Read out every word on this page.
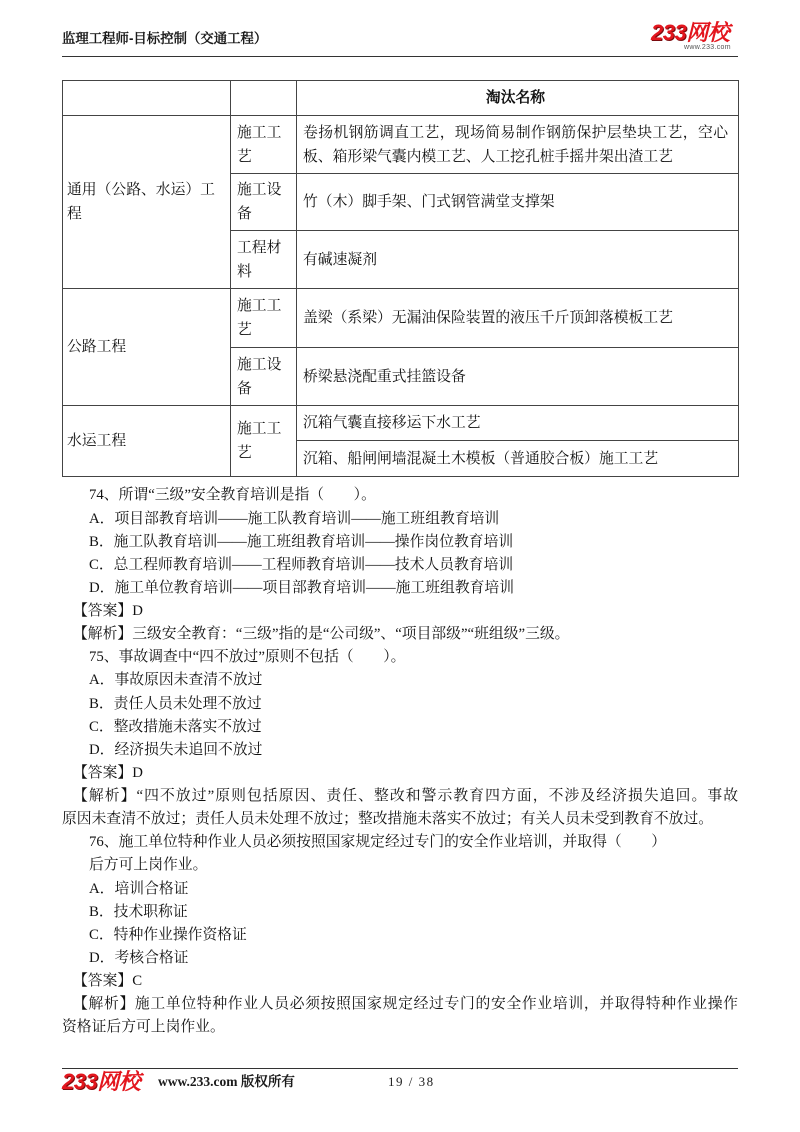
监理工程师-目标控制（交通工程）	233网校
www.233.com
		淘汰名称
通用（公路、水运）工程	施工工艺	卷扬机钢筋调直工艺，现场简易制作钢筋保护层垫块工艺，空心板、箱形梁气囊内模工艺、人工挖孔桩手摇井架出渣工艺
	施工设备	竹（木）脚手架、门式钢管满堂支撑架
	工程材料	有碱速凝剂
公路工程	施工工艺	盖梁（系梁）无漏油保险装置的液压千斤顶卸落模板工艺
	施工设备	桥梁悬浇配重式挂篮设备
水运工程	施工工艺	沉箱气囊直接移运下水工艺
		沉箱、船闸闸墙混凝土木模板（普通胶合板）施工工艺
74、所谓“三级”安全教育培训是指（　　）。
A．项目部教育培训——施工队教育培训——施工班组教育培训
B．施工队教育培训——施工班组教育培训——操作岗位教育培训
C．总工程师教育培训——工程师教育培训——技术人员教育培训
D．施工单位教育培训——项目部教育培训——施工班组教育培训
【答案】D
【解析】三级安全教育：“三级”指的是“公司级”、“项目部级”“班组级”三级。
75、事故调查中“四不放过”原则不包括（　　）。
A．事故原因未查清不放过
B．责任人员未处理不放过
C．整改措施未落实不放过
D．经济损失未追回不放过
【答案】D
【解析】“四不放过”原则包括原因、责任、整改和警示教育四方面，不涉及经济损失追回。事故
原因未查清不放过；责任人员未处理不放过；整改措施未落实不放过；有关人员未受到教育不放过。
76、施工单位特种作业人员必须按照国家规定经过专门的安全作业培训，并取得（　　）
后方可上岗作业。
A．培训合格证
B．技术职称证
C．特种作业操作资格证
D．考核合格证
【答案】C
【解析】施工单位特种作业人员必须按照国家规定经过专门的安全作业培训，并取得特种作业操作
资格证后方可上岗作业。
233网校 www.233.com 版权所有	19 / 38
